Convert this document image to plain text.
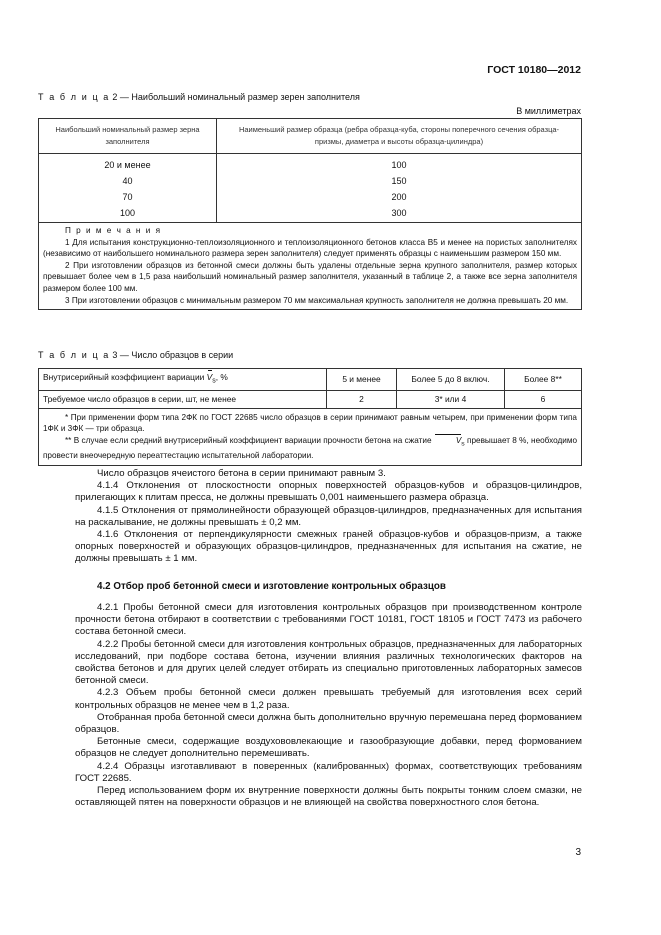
ГОСТ 10180—2012
Т а б л и ц а 2 — Наибольший номинальный размер зерен заполнителя
В миллиметрах
Наибольший номинальный размер зерна заполнителя	Наименьший размер образца (ребра образца-куба, стороны поперечного сечения образца-призмы, диаметра и высоты образца-цилиндра)
20 и менее	100
40	150
70	200
100	300

П р и м е ч а н и я

1 Для испытания конструкционно-теплоизоляционного и теплоизоляционного бетонов класса В5 и менее на пористых заполнителях (независимо от наибольшего номинального размера зерен заполнителя) следует применять образцы с наименьшим размером 150 мм.

2 При изготовлении образцов из бетонной смеси должны быть удалены отдельные зерна крупного заполнителя, размер которых превышает более чем в 1,5 раза наибольший номинальный размер заполнителя, указанный в таблице 2, а также все зерна заполнителя размером более 100 мм.

3 При изготовлении образцов с минимальным размером 70 мм максимальная крупность заполнителя не должна превышать 20 мм.	

Т а б л и ц а 3 — Число образцов в серии
Внутрисерийный коэффициент вариации $V_s$, %	5 и менее	Более 5 до 8 включ.	Более 8**
Требуемое число образцов в серии, шт, не менее	2	3* или 4	6

* При применении форм типа 2ФК по ГОСТ 22685 число образцов в серии принимают равным четырем, при применении форм типа 1ФК и 3ФК — три образца.

** В случае если средний внутрисерийный коэффициент вариации прочности бетона на сжатие $V_s$ превышает 8 %, необходимо провести внеочередную переаттестацию испытательной лаборатории.			

Число образцов ячеистого бетона в серии принимают равным 3.

4.1.4 Отклонения от плоскостности опорных поверхностей образцов-кубов и образцов-цилиндров, прилегающих к плитам пресса, не должны превышать 0,001 наименьшего размера образца.

4.1.5 Отклонения от прямолинейности образующей образцов-цилиндров, предназначенных для испытания на раскалывание, не должны превышать ± 0,2 мм.

4.1.6 Отклонения от перпендикулярности смежных граней образцов-кубов и образцов-призм, а также опорных поверхностей и образующих образцов-цилиндров, предназначенных для испытания на сжатие, не должны превышать ± 1 мм.

4.2 Отбор проб бетонной смеси и изготовление контрольных образцов

4.2.1 Пробы бетонной смеси для изготовления контрольных образцов при производственном контроле прочности бетона отбирают в соответствии с требованиями ГОСТ 10181, ГОСТ 18105 и ГОСТ 7473 из рабочего состава бетонной смеси.

4.2.2 Пробы бетонной смеси для изготовления контрольных образцов, предназначенных для лабораторных исследований, при подборе состава бетона, изучении влияния различных технологических факторов на свойства бетонов и для других целей следует отбирать из специально приготовленных лабораторных замесов бетонной смеси.

4.2.3 Объем пробы бетонной смеси должен превышать требуемый для изготовления всех серий контрольных образцов не менее чем в 1,2 раза.

Отобранная проба бетонной смеси должна быть дополнительно вручную перемешана перед формованием образцов.

Бетонные смеси, содержащие воздухововлекающие и газообразующие добавки, перед формованием образцов не следует дополнительно перемешивать.

4.2.4 Образцы изготавливают в поверенных (калиброванных) формах, соответствующих требованиям ГОСТ 22685.

Перед использованием форм их внутренние поверхности должны быть покрыты тонким слоем смазки, не оставляющей пятен на поверхности образцов и не влияющей на свойства поверхностного слоя бетона.

3
